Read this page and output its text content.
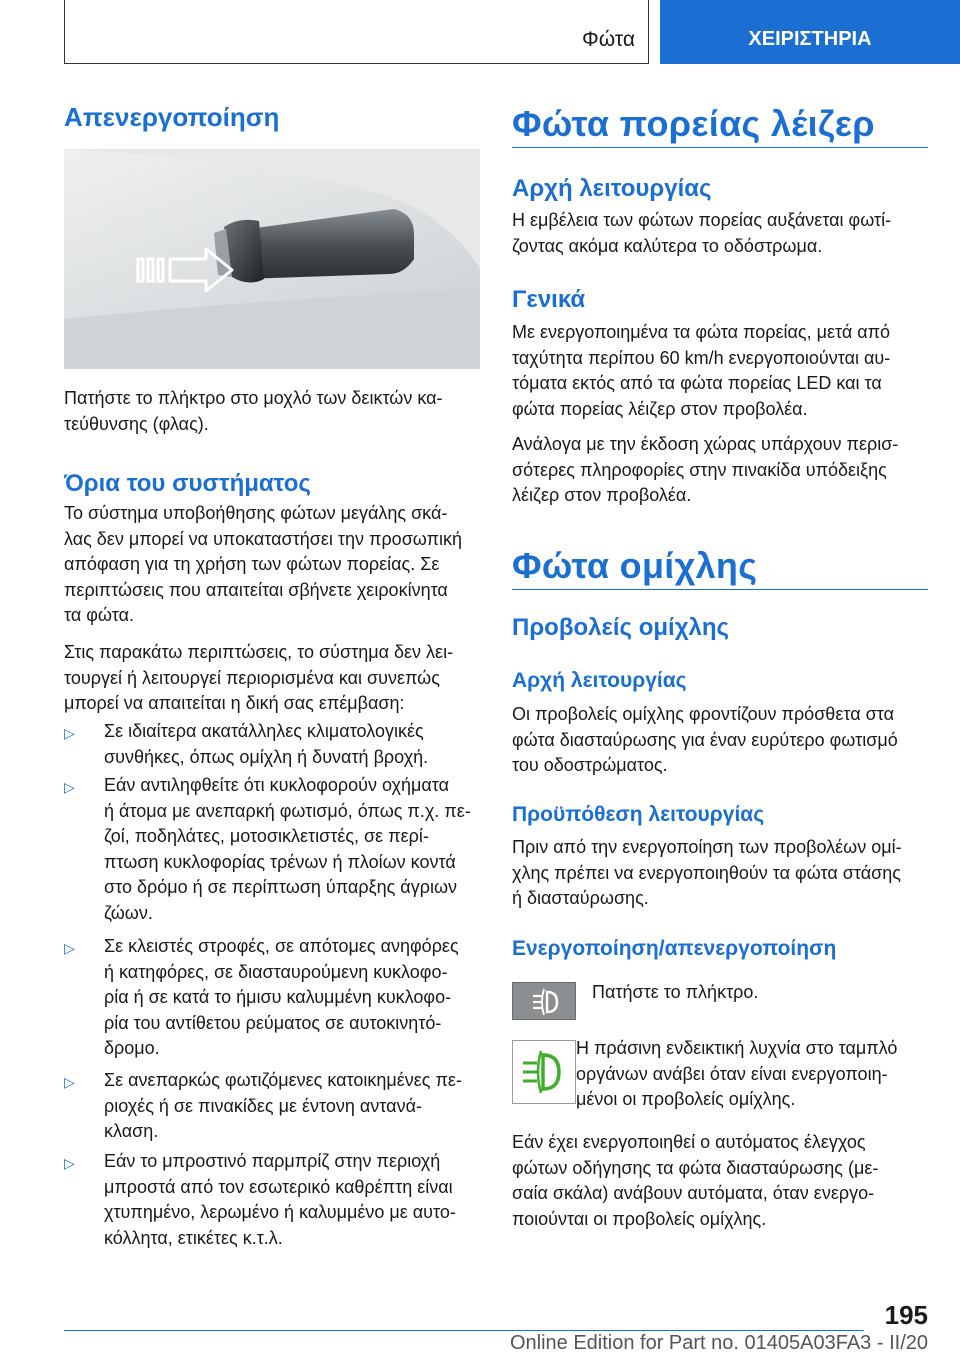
Φώτα	ΧΕΙΡΙΣΤΗΡΙΑ
Απενεργοποίηση

Πατήστε το πλήκτρο στο μοχλό των δεικτών κα-
τεύθυνσης (φλας).

Όρια του συστήματος

Το σύστημα υποβοήθησης φώτων μεγάλης σκά-
λας δεν μπορεί να υποκαταστήσει την προσωπική
απόφαση για τη χρήση των φώτων πορείας. Σε
περιπτώσεις που απαιτείται σβήνετε χειροκίνητα
τα φώτα.

Στις παρακάτω περιπτώσεις, το σύστημα δεν λει-
τουργεί ή λειτουργεί περιορισμένα και συνεπώς
μπορεί να απαιτείται η δική σας επέμβαση:

▷ Σε ιδιαίτερα ακατάλληλες κλιματολογικές
συνθήκες, όπως ομίχλη ή δυνατή βροχή.

▷ Εάν αντιληφθείτε ότι κυκλοφορούν οχήματα
ή άτομα με ανεπαρκή φωτισμό, όπως π.χ. πε-
ζοί, ποδηλάτες, μοτοσικλετιστές, σε περί-
πτωση κυκλοφορίας τρένων ή πλοίων κοντά
στο δρόμο ή σε περίπτωση ύπαρξης άγριων
ζώων.

▷ Σε κλειστές στροφές, σε απότομες ανηφόρες
ή κατηφόρες, σε διασταυρούμενη κυκλοφο-
ρία ή σε κατά το ήμισυ καλυμμένη κυκλοφο-
ρία του αντίθετου ρεύματος σε αυτοκινητό-
δρομο.

▷ Σε ανεπαρκώς φωτιζόμενες κατοικημένες πε-
ριοχές ή σε πινακίδες με έντονη αντανά-
κλαση.

▷ Εάν το μπροστινό παρμπρίζ στην περιοχή
μπροστά από τον εσωτερικό καθρέπτη είναι
χτυπημένο, λερωμένο ή καλυμμένο με αυτο-
κόλλητα, ετικέτες κ.τ.λ.

Φώτα πορείας λέιζερ
Αρχή λειτουργίας

Η εμβέλεια των φώτων πορείας αυξάνεται φωτί-
ζοντας ακόμα καλύτερα το οδόστρωμα.

Γενικά

Με ενεργοποιημένα τα φώτα πορείας, μετά από
ταχύτητα περίπου 60 km/h ενεργοποιούνται αυ-
τόματα εκτός από τα φώτα πορείας LED και τα
φώτα πορείας λέιζερ στον προβολέα.

Ανάλογα με την έκδοση χώρας υπάρχουν περισ-
σότερες πληροφορίες στην πινακίδα υπόδειξης
λέιζερ στον προβολέα.

Φώτα ομίχλης
Προβολείς ομίχλης
Αρχή λειτουργίας

Οι προβολείς ομίχλης φροντίζουν πρόσθετα στα
φώτα διασταύρωσης για έναν ευρύτερο φωτισμό
του οδοστρώματος.

Προϋπόθεση λειτουργίας

Πριν από την ενεργοποίηση των προβολέων ομί-
χλης πρέπει να ενεργοποιηθούν τα φώτα στάσης
ή διασταύρωσης.

Ενεργοποίηση/απενεργοποίηση

Πατήστε το πλήκτρο.

Η πράσινη ενδεικτική λυχνία στο ταμπλό
οργάνων ανάβει όταν είναι ενεργοποιη-
μένοι οι προβολείς ομίχλης.

Εάν έχει ενεργοποιηθεί ο αυτόματος έλεγχος
φώτων οδήγησης τα φώτα διασταύρωσης (με-
σαία σκάλα) ανάβουν αυτόματα, όταν ενεργο-
ποιούνται οι προβολείς ομίχλης.

195
Online Edition for Part no. 01405A03FA3 - II/20
